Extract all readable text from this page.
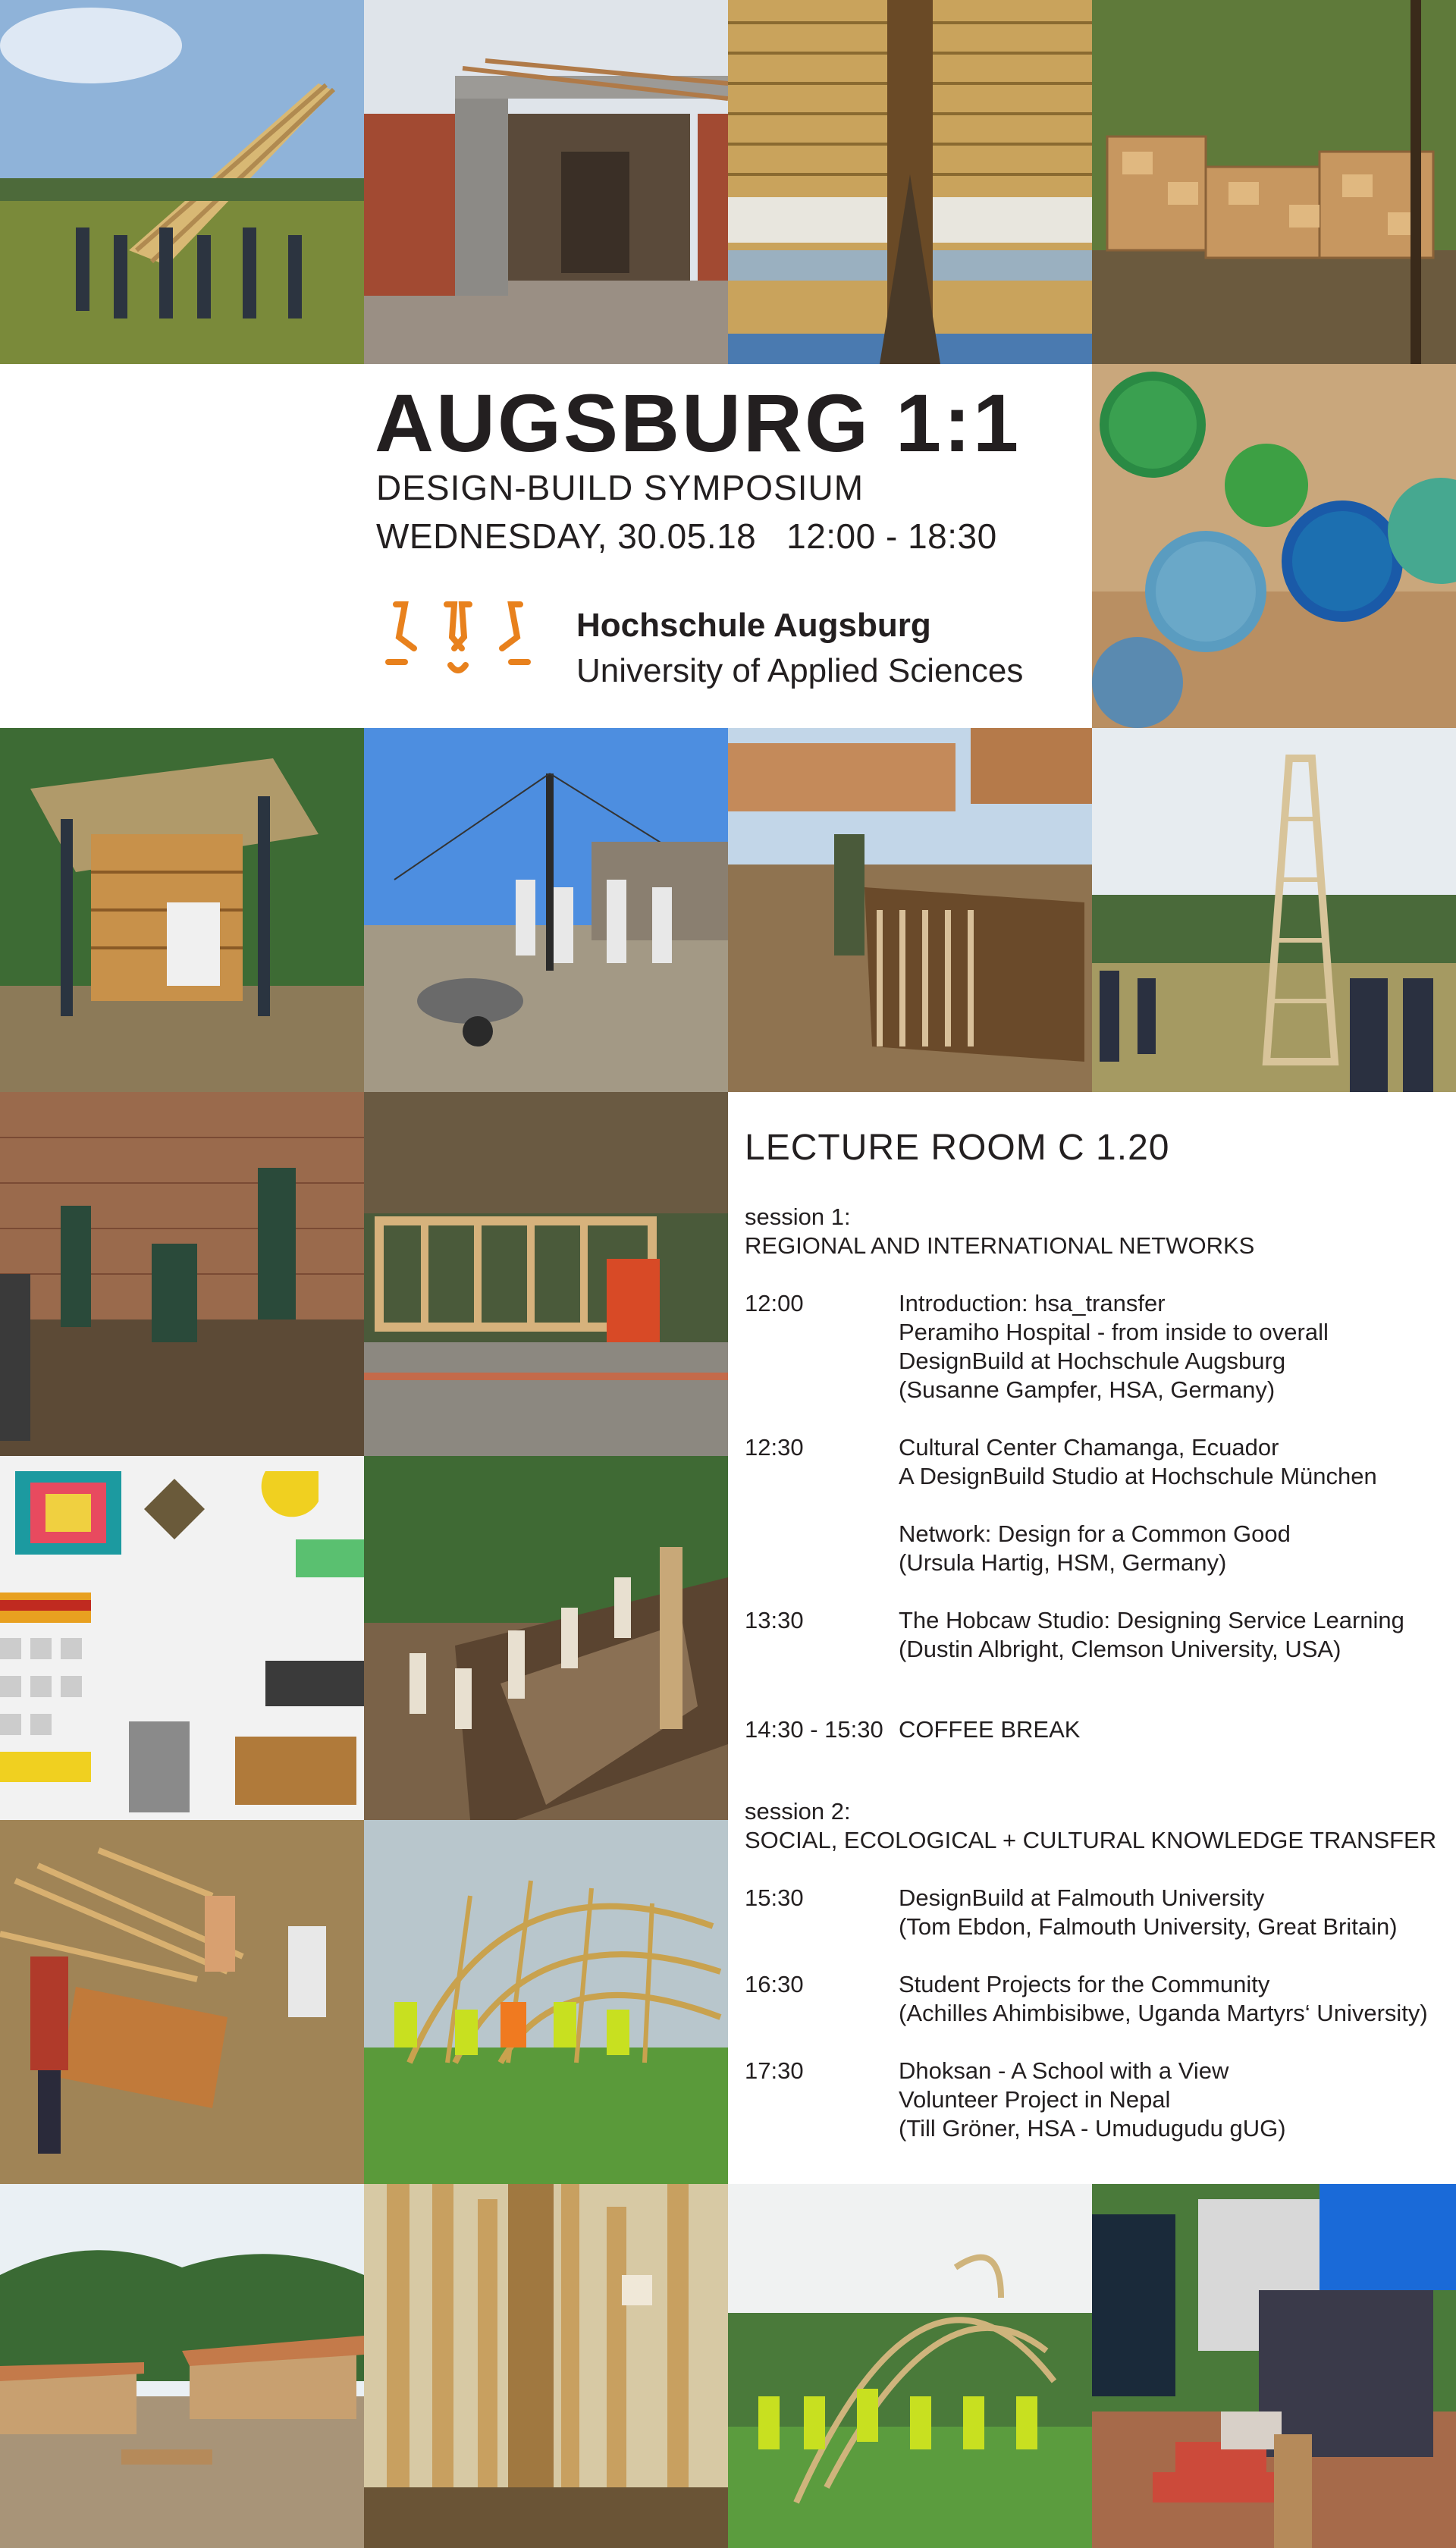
AUGSBURG 1:1
DESIGN-BUILD SYMPOSIUM
WEDNESDAY, 30.05.18 12:00 - 18:30
Hochschule Augsburg
University of Applied Sciences
LECTURE ROOM C 1.20
session 1:
REGIONAL AND INTERNATIONAL NETWORKS
12:00	Introduction: hsa_transfer
Peramiho Hospital - from inside to overall
DesignBuild at Hochschule Augsburg
(Susanne Gampfer, HSA, Germany)
12:30	Cultural Center Chamanga, Ecuador
A DesignBuild Studio at Hochschule München
Network: Design for a Common Good
(Ursula Hartig, HSM, Germany)
13:30	The Hobcaw Studio: Designing Service Learning
(Dustin Albright, Clemson University, USA)
14:30 - 15:30 COFFEE BREAK
session 2:
SOCIAL, ECOLOGICAL + CULTURAL KNOWLEDGE TRANSFER
15:30	DesignBuild at Falmouth University
(Tom Ebdon, Falmouth University, Great Britain)
16:30	Student Projects for the Community
(Achilles Ahimbisibwe, Uganda Martyrs‘ University)
17:30	Dhoksan - A School with a View
Volunteer Project in Nepal
(Till Gröner, HSA - Umudugudu gUG)
